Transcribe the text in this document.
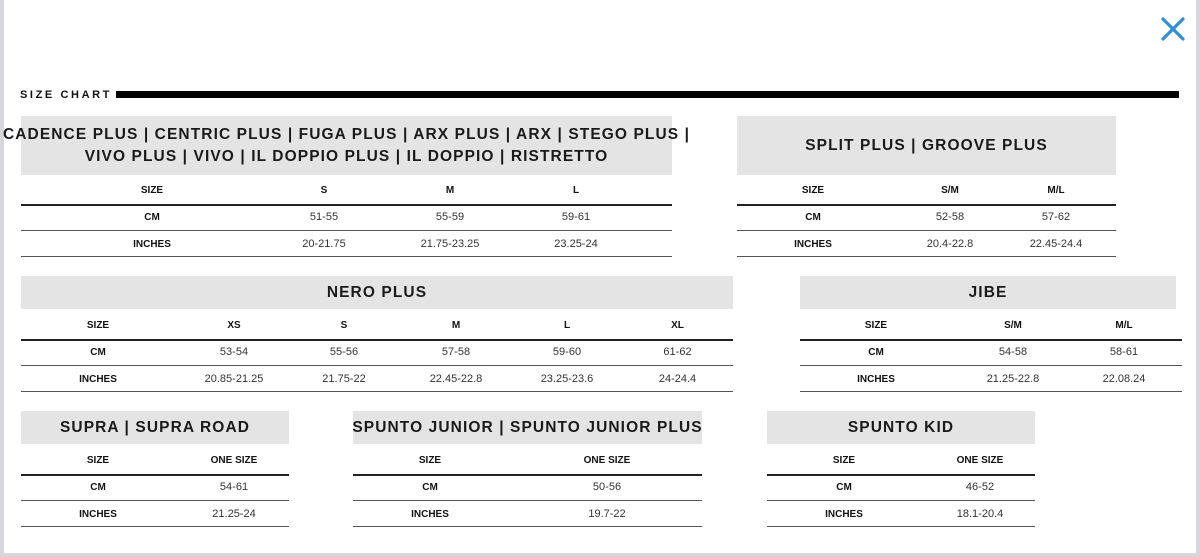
SIZE CHART
CADENCE PLUS | CENTRIC PLUS | FUGA PLUS | ARX PLUS | ARX | STEGO PLUS |
VIVO PLUS | VIVO | IL DOPPIO PLUS | IL DOPPIO | RISTRETTO
SIZE	S	M	L
CM	51-55	55-59	59-61
INCHES	20-21.75	21.75-23.25	23.25-24
SPLIT PLUS | GROOVE PLUS
SIZE	S/M	M/L
CM	52-58	57-62
INCHES	20.4-22.8	22.45-24.4
NERO PLUS
SIZE	XS	S	M	L	XL
CM	53-54	55-56	57-58	59-60	61-62
INCHES	20.85-21.25	21.75-22	22.45-22.8	23.25-23.6	24-24.4
JIBE
SIZE	S/M	M/L
CM	54-58	58-61
INCHES	21.25-22.8	22.08.24
SUPRA | SUPRA ROAD
SIZE	ONE SIZE
CM	54-61
INCHES	21.25-24
SPUNTO JUNIOR | SPUNTO JUNIOR PLUS
SIZE	ONE SIZE
CM	50-56
INCHES	19.7-22
SPUNTO KID
SIZE	ONE SIZE
CM	46-52
INCHES	18.1-20.4
